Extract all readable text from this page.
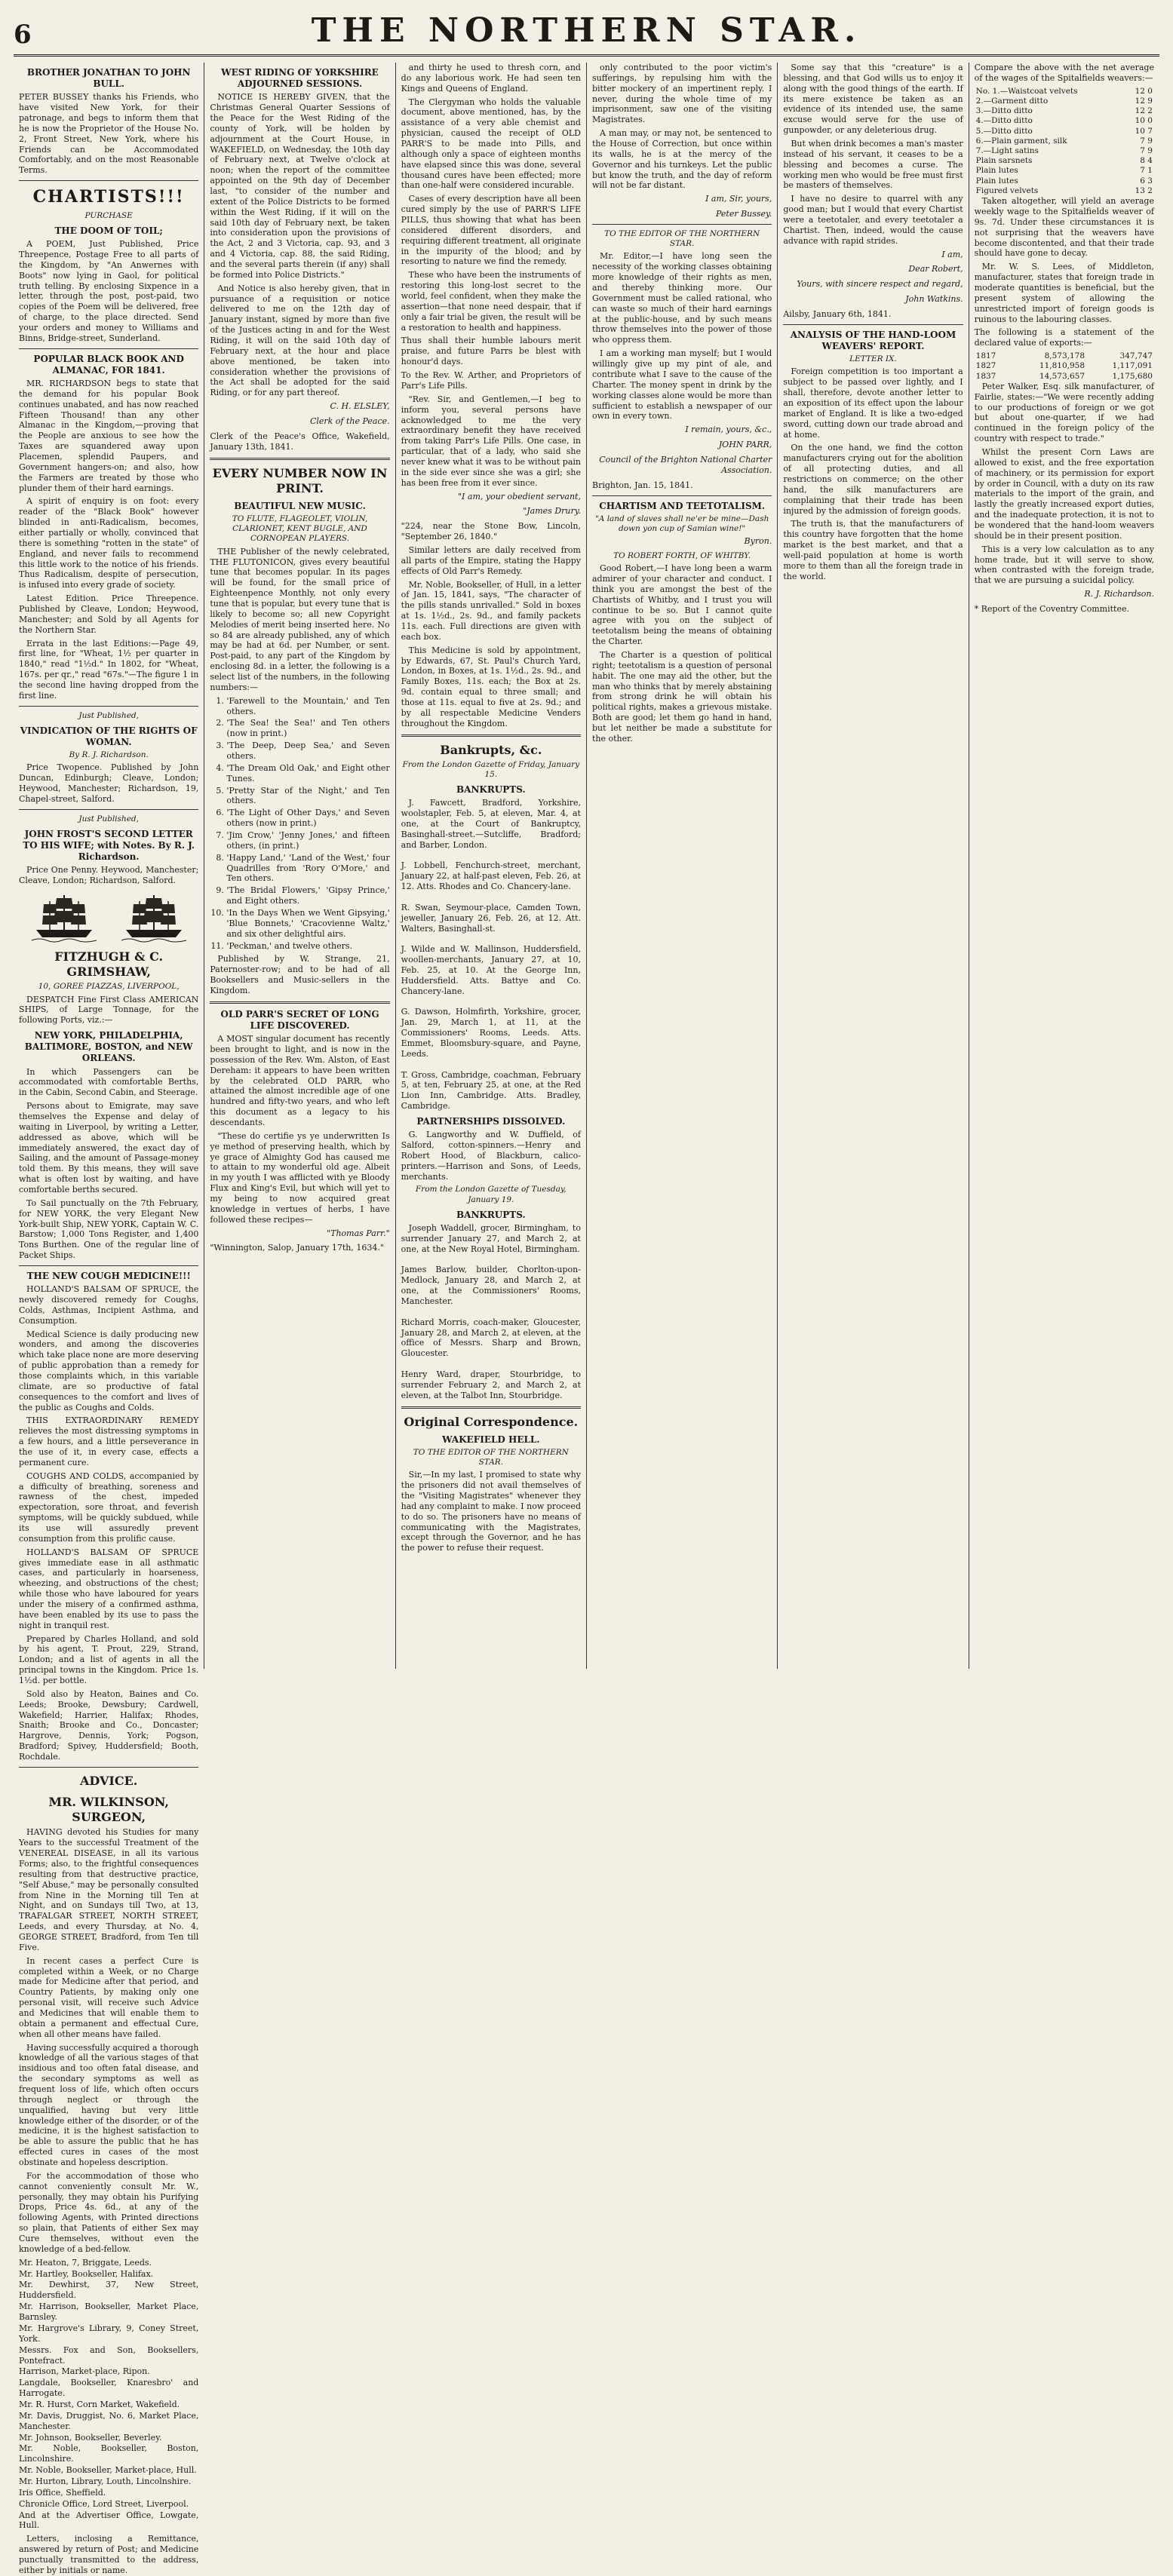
6	THE NORTHERN STAR.
BROTHER JONATHAN TO JOHN BULL.

PETER BUSSEY thanks his Friends, who have visited New York, for their patronage, and begs to inform them that he is now the Proprietor of the House No. 2, Front Street, New York, where his Friends can be Accommodated Comfortably, and on the most Reasonable Terms.

CHARTISTS!!!
PURCHASE
THE DOOM OF TOIL;

A POEM, Just Published, Price Threepence, Postage Free to all parts of the Kingdom, by "An Anwernes with Boots" now lying in Gaol, for political truth telling. By enclosing Sixpence in a letter, through the post, post-paid, two copies of the Poem will be delivered, free of charge, to the place directed. Send your orders and money to Williams and Binns, Bridge-street, Sunderland.

POPULAR BLACK BOOK AND ALMANAC, FOR 1841.

MR. RICHARDSON begs to state that the demand for his popular Book continues unabated, and has now reached Fifteen Thousand! than any other Almanac in the Kingdom,—proving that the People are anxious to see how the Taxes are squandered away upon Placemen, splendid Paupers, and Government hangers-on; and also, how the Farmers are treated by those who plunder them of their hard earnings.

A spirit of enquiry is on foot: every reader of the "Black Book" however blinded in anti-Radicalism, becomes, either partially or wholly, convinced that there is something "rotten in the state" of England, and never fails to recommend this little work to the notice of his friends. Thus Radicalism, despite of persecution, is infused into every grade of society.

Latest Edition. Price Threepence. Published by Cleave, London; Heywood, Manchester; and Sold by all Agents for the Northern Star.

Errata in the last Editions:—Page 49, first line, for "Wheat, 1½ per quarter in 1840," read "1½d." In 1802, for "Wheat, 167s. per qr.," read "67s."—The figure 1 in the second line having dropped from the first line.

Just Published,
VINDICATION OF THE RIGHTS OF WOMAN.
By R. J. Richardson.

Price Twopence. Published by John Duncan, Edinburgh; Cleave, London; Heywood, Manchester; Richardson, 19, Chapel-street, Salford.

Just Published,
JOHN FROST'S SECOND LETTER TO HIS WIFE; with Notes. By R. J. Richardson.

Price One Penny. Heywood, Manchester; Cleave, London; Richardson, Salford.

FITZHUGH & C. GRIMSHAW,
10, GOREE PIAZZAS, LIVERPOOL,

DESPATCH Fine First Class AMERICAN SHIPS, of Large Tonnage, for the following Ports, viz.:—

NEW YORK, PHILADELPHIA, BALTIMORE, BOSTON, and NEW ORLEANS.

In which Passengers can be accommodated with comfortable Berths, in the Cabin, Second Cabin, and Steerage.

Persons about to Emigrate, may save themselves the Expense and delay of waiting in Liverpool, by writing a Letter, addressed as above, which will be immediately answered, the exact day of Sailing, and the amount of Passage-money told them. By this means, they will save what is often lost by waiting, and have comfortable berths secured.

To Sail punctually on the 7th February, for NEW YORK, the very Elegant New York-built Ship, NEW YORK, Captain W. C. Barstow; 1,000 Tons Register, and 1,400 Tons Burthen. One of the regular line of Packet Ships.

THE NEW COUGH MEDICINE!!!

HOLLAND'S BALSAM OF SPRUCE, the newly discovered remedy for Coughs, Colds, Asthmas, Incipient Asthma, and Consumption.

Medical Science is daily producing new wonders, and among the discoveries which take place none are more deserving of public approbation than a remedy for those complaints which, in this variable climate, are so productive of fatal consequences to the comfort and lives of the public as Coughs and Colds.

THIS EXTRAORDINARY REMEDY relieves the most distressing symptoms in a few hours, and a little perseverance in the use of it, in every case, effects a permanent cure.

COUGHS AND COLDS, accompanied by a difficulty of breathing, soreness and rawness of the chest, impeded expectoration, sore throat, and feverish symptoms, will be quickly subdued, while its use will assuredly prevent consumption from this prolific cause.

HOLLAND'S BALSAM OF SPRUCE gives immediate ease in all asthmatic cases, and particularly in hoarseness, wheezing, and obstructions of the chest; while those who have laboured for years under the misery of a confirmed asthma, have been enabled by its use to pass the night in tranquil rest.

Prepared by Charles Holland, and sold by his agent, T. Prout, 229, Strand, London; and a list of agents in all the principal towns in the Kingdom. Price 1s. 1½d. per bottle.

Sold also by Heaton, Baines and Co. Leeds; Brooke, Dewsbury; Cardwell, Wakefield; Harrier, Halifax; Rhodes, Snaith; Brooke and Co., Doncaster; Hargrove, Dennis, York; Pogson, Bradford; Spivey, Huddersfield; Booth, Rochdale.

ADVICE.
MR. WILKINSON, SURGEON,

HAVING devoted his Studies for many Years to the successful Treatment of the VENEREAL DISEASE, in all its various Forms; also, to the frightful consequences resulting from that destructive practice, "Self Abuse," may be personally consulted from Nine in the Morning till Ten at Night, and on Sundays till Two, at 13, TRAFALGAR STREET, NORTH STREET, Leeds, and every Thursday, at No. 4, GEORGE STREET, Bradford, from Ten till Five.

In recent cases a perfect Cure is completed within a Week, or no Charge made for Medicine after that period, and Country Patients, by making only one personal visit, will receive such Advice and Medicines that will enable them to obtain a permanent and effectual Cure, when all other means have failed.

Having successfully acquired a thorough knowledge of all the various stages of that insidious and too often fatal disease, and the secondary symptoms as well as frequent loss of life, which often occurs through neglect or through the unqualified, having but very little knowledge either of the disorder, or of the medicine, it is the highest satisfaction to be able to assure the public that he has effected cures in cases of the most obstinate and hopeless description.

For the accommodation of those who cannot conveniently consult Mr. W., personally, they may obtain his Purifying Drops, Price 4s. 6d., at any of the following Agents, with Printed directions so plain, that Patients of either Sex may Cure themselves, without even the knowledge of a bed-fellow.

Mr. Heaton, 7, Briggate, Leeds.
Mr. Hartley, Bookseller, Halifax.
Mr. Dewhirst, 37, New Street, Huddersfield.
Mr. Harrison, Bookseller, Market Place, Barnsley.
Mr. Hargrove's Library, 9, Coney Street, York.
Messrs. Fox and Son, Booksellers, Pontefract.
Harrison, Market-place, Ripon.
Langdale, Bookseller, Knaresbro' and Harrogate.
Mr. R. Hurst, Corn Market, Wakefield.
Mr. Davis, Druggist, No. 6, Market Place, Manchester.
Mr. Johnson, Bookseller, Beverley.
Mr. Noble, Bookseller, Boston, Lincolnshire.
Mr. Noble, Bookseller, Market-place, Hull.
Mr. Hurton, Library, Louth, Lincolnshire.
Iris Office, Sheffield.
Chronicle Office, Lord Street, Liverpool.
And at the Advertiser Office, Lowgate, Hull.

Letters, inclosing a Remittance, answered by return of Post; and Medicine punctually transmitted to the address, either by initials or name.

WEST RIDING OF YORKSHIRE ADJOURNED SESSIONS.

NOTICE IS HEREBY GIVEN, that the Christmas General Quarter Sessions of the Peace for the West Riding of the county of York, will be holden by adjournment at the Court House, in WAKEFIELD, on Wednesday, the 10th day of February next, at Twelve o'clock at noon; when the report of the committee appointed on the 9th day of December last, "to consider of the number and extent of the Police Districts to be formed within the West Riding, if it will on the said 10th day of February next, be taken into consideration upon the provisions of the Act, 2 and 3 Victoria, cap. 93, and 3 and 4 Victoria, cap. 88, the said Riding, and the several parts therein (if any) shall be formed into Police Districts."

And Notice is also hereby given, that in pursuance of a requisition or notice delivered to me on the 12th day of January instant, signed by more than five of the Justices acting in and for the West Riding, it will on the said 10th day of February next, at the hour and place above mentioned, be taken into consideration whether the provisions of the Act shall be adopted for the said Riding, or for any part thereof.

C. H. ELSLEY,
Clerk of the Peace.

Clerk of the Peace's Office, Wakefield, January 13th, 1841.

EVERY NUMBER NOW IN PRINT.
BEAUTIFUL NEW MUSIC.
TO FLUTE, FLAGEOLET, VIOLIN, CLARIONET, KENT BUGLE, AND CORNOPEAN PLAYERS.

THE Publisher of the newly celebrated, THE FLUTONICON, gives every beautiful tune that becomes popular. In its pages will be found, for the small price of Eighteenpence Monthly, not only every tune that is popular, but every tune that is likely to become so; all new Copyright Melodies of merit being inserted here. No so 84 are already published, any of which may be had at 6d. per Number, or sent. Post-paid, to any part of the Kingdom by enclosing 8d. in a letter, the following is a select list of the numbers, in the following numbers:—

1. 'Farewell to the Mountain,' and Ten others.
2. 'The Sea! the Sea!' and Ten others (now in print.)
3. 'The Deep, Deep Sea,' and Seven others.
4. 'The Dream Old Oak,' and Eight other Tunes.
5. 'Pretty Star of the Night,' and Ten others.
6. 'The Light of Other Days,' and Seven others (now in print.)
7. 'Jim Crow,' 'Jenny Jones,' and fifteen others, (in print.)
8. 'Happy Land,' 'Land of the West,' four Quadrilles from 'Rory O'More,' and Ten others.
9. 'The Bridal Flowers,' 'Gipsy Prince,' and Eight others.
10. 'In the Days When we Went Gipsying,' 'Blue Bonnets,' 'Cracovienne Waltz,' and six other delightful airs.
11. 'Peckman,' and twelve others.

Published by W. Strange, 21, Paternoster-row; and to be had of all Booksellers and Music-sellers in the Kingdom.

OLD PARR'S SECRET OF LONG LIFE DISCOVERED.

A MOST singular document has recently been brought to light, and is now in the possession of the Rev. Wm. Alston, of East Dereham: it appears to have been written by the celebrated OLD PARR, who attained the almost incredible age of one hundred and fifty-two years, and who left this document as a legacy to his descendants.

"These do certifie ys ye underwritten Is ye method of preserving health, which by ye grace of Almighty God has caused me to attain to my wonderful old age. Albeit in my youth I was afflicted with ye Bloody Flux and King's Evil, but which will yet to my being to now acquired great knowledge in vertues of herbs, I have followed these recipes—

"Thomas Parr."

"Winnington, Salop, January 17th, 1634."

and thirty he used to thresh corn, and do any laborious work. He had seen ten Kings and Queens of England.

The Clergyman who holds the valuable document, above mentioned, has, by the assistance of a very able chemist and physician, caused the receipt of OLD PARR'S to be made into Pills, and although only a space of eighteen months have elapsed since this was done, several thousand cures have been effected; more than one-half were considered incurable.

Cases of every description have all been cured simply by the use of PARR'S LIFE PILLS, thus showing that what has been considered different disorders, and requiring different treatment, all originate in the impurity of the blood; and by resorting to nature we find the remedy.

These who have been the instruments of restoring this long-lost secret to the world, feel confident, when they make the assertion—that none need despair, that if only a fair trial be given, the result will be a restoration to health and happiness.

Thus shall their humble labours merit praise, and future Parrs be blest with honour'd days.

To the Rev. W. Arther, and Proprietors of Parr's Life Pills.

"Rev. Sir, and Gentlemen,—I beg to inform you, several persons have acknowledged to me the very extraordinary benefit they have received from taking Parr's Life Pills. One case, in particular, that of a lady, who said she never knew what it was to be without pain in the side ever since she was a girl; she has been free from it ever since.

"I am, your obedient servant,
"James Drury.

"224, near the Stone Bow, Lincoln, "September 26, 1840."

Similar letters are daily received from all parts of the Empire, stating the Happy effects of Old Parr's Remedy.

Mr. Noble, Bookseller, of Hull, in a letter of Jan. 15, 1841, says, "The character of the pills stands unrivalled." Sold in boxes at 1s. 1½d., 2s. 9d., and family packets 11s. each. Full directions are given with each box.

This Medicine is sold by appointment, by Edwards, 67, St. Paul's Church Yard, London, in Boxes, at 1s. 1½d., 2s. 9d., and Family Boxes, 11s. each; the Box at 2s. 9d. contain equal to three small; and those at 11s. equal to five at 2s. 9d.; and by all respectable Medicine Venders throughout the Kingdom.

Bankrupts, &c.
From the London Gazette of Friday, January 15.
BANKRUPTS.

J. Fawcett, Bradford, Yorkshire, woolstapler, Feb. 5, at eleven, Mar. 4, at one, at the Court of Bankruptcy, Basinghall-street.—Sutcliffe, Bradford; and Barber, London.

J. Lobbell, Fenchurch-street, merchant, January 22, at half-past eleven, Feb. 26, at 12. Atts. Rhodes and Co. Chancery-lane.

R. Swan, Seymour-place, Camden Town, jeweller, January 26, Feb. 26, at 12. Att. Walters, Basinghall-st.

J. Wilde and W. Mallinson, Huddersfield, woollen-merchants, January 27, at 10, Feb. 25, at 10. At the George Inn, Huddersfield. Atts. Battye and Co. Chancery-lane.

G. Dawson, Holmfirth, Yorkshire, grocer, Jan. 29, March 1, at 11, at the Commissioners' Rooms, Leeds. Atts. Emmet, Bloomsbury-square, and Payne, Leeds.

T. Gross, Cambridge, coachman, February 5, at ten, February 25, at one, at the Red Lion Inn, Cambridge. Atts. Bradley, Cambridge.

PARTNERSHIPS DISSOLVED.

G. Langworthy and W. Duffield, of Salford, cotton-spinners.—Henry and Robert Hood, of Blackburn, calico-printers.—Harrison and Sons, of Leeds, merchants.

From the London Gazette of Tuesday, January 19.
BANKRUPTS.

Joseph Waddell, grocer, Birmingham, to surrender January 27, and March 2, at one, at the New Royal Hotel, Birmingham.

James Barlow, builder, Chorlton-upon-Medlock, January 28, and March 2, at one, at the Commissioners' Rooms, Manchester.

Richard Morris, coach-maker, Gloucester, January 28, and March 2, at eleven, at the office of Messrs. Sharp and Brown, Gloucester.

Henry Ward, draper, Stourbridge, to surrender February 2, and March 2, at eleven, at the Talbot Inn, Stourbridge.

Original Correspondence.
WAKEFIELD HELL.
TO THE EDITOR OF THE NORTHERN STAR.

Sir,—In my last, I promised to state why the prisoners did not avail themselves of the "Visiting Magistrates" whenever they had any complaint to make. I now proceed to do so. The prisoners have no means of communicating with the Magistrates, except through the Governor, and he has the power to refuse their request.

only contributed to the poor victim's sufferings, by repulsing him with the bitter mockery of an impertinent reply. I never, during the whole time of my imprisonment, saw one of the visiting Magistrates.

A man may, or may not, be sentenced to the House of Correction, but once within its walls, he is at the mercy of the Governor and his turnkeys. Let the public but know the truth, and the day of reform will not be far distant.

I am, Sir, yours,
Peter Bussey.
TO THE EDITOR OF THE NORTHERN STAR.

Mr. Editor,—I have long seen the necessity of the working classes obtaining more knowledge of their rights as men, and thereby thinking more. Our Government must be called rational, who can waste so much of their hard earnings at the public-house, and by such means throw themselves into the power of those who oppress them.

I am a working man myself; but I would willingly give up my pint of ale, and contribute what I save to the cause of the Charter. The money spent in drink by the working classes alone would be more than sufficient to establish a newspaper of our own in every town.

I remain, yours, &c.,
JOHN PARR,
Council of the Brighton National Charter Association.

Brighton, Jan. 15, 1841.

CHARTISM AND TEETOTALISM.
"A land of slaves shall ne'er be mine—Dash down yon cup of Samian wine!"
Byron.
TO ROBERT FORTH, OF WHITBY.

Good Robert,—I have long been a warm admirer of your character and conduct. I think you are amongst the best of the Chartists of Whitby, and I trust you will continue to be so. But I cannot quite agree with you on the subject of teetotalism being the means of obtaining the Charter.

The Charter is a question of political right; teetotalism is a question of personal habit. The one may aid the other, but the man who thinks that by merely abstaining from strong drink he will obtain his political rights, makes a grievous mistake. Both are good; let them go hand in hand, but let neither be made a substitute for the other.

Some say that this "creature" is a blessing, and that God wills us to enjoy it along with the good things of the earth. If its mere existence be taken as an evidence of its intended use, the same excuse would serve for the use of gunpowder, or any deleterious drug.

But when drink becomes a man's master instead of his servant, it ceases to be a blessing and becomes a curse. The working men who would be free must first be masters of themselves.

I have no desire to quarrel with any good man; but I would that every Chartist were a teetotaler, and every teetotaler a Chartist. Then, indeed, would the cause advance with rapid strides.

I am,
Dear Robert,
Yours, with sincere respect and regard,
John Watkins.

Ailsby, January 6th, 1841.

ANALYSIS OF THE HAND-LOOM WEAVERS' REPORT.
LETTER IX.

Foreign competition is too important a subject to be passed over lightly, and I shall, therefore, devote another letter to an exposition of its effect upon the labour market of England. It is like a two-edged sword, cutting down our trade abroad and at home.

On the one hand, we find the cotton manufacturers crying out for the abolition of all protecting duties, and all restrictions on commerce; on the other hand, the silk manufacturers are complaining that their trade has been injured by the admission of foreign goods.

The truth is, that the manufacturers of this country have forgotten that the home market is the best market, and that a well-paid population at home is worth more to them than all the foreign trade in the world.

Compare the above with the net average of the wages of the Spitalfields weavers:—

No. 1.—Waistcoat velvets	12 0
2.—Garment ditto	12 9
3.—Ditto ditto	12 2
4.—Ditto ditto	10 0
5.—Ditto ditto	10 7
6.—Plain garment, silk	7 9
7.—Light satins	7 9
Plain sarsnets	8 4
Plain lutes	7 1
Plain lutes	6 3
Figured velvets	13 2

Taken altogether, will yield an average weekly wage to the Spitalfields weaver of 9s. 7d. Under these circumstances it is not surprising that the weavers have become discontented, and that their trade should have gone to decay.

Mr. W. S. Lees, of Middleton, manufacturer, states that foreign trade in moderate quantities is beneficial, but the present system of allowing the unrestricted import of foreign goods is ruinous to the labouring classes.

The following is a statement of the declared value of exports:—

1817	8,573,178	347,747
1827	11,810,958	1,117,091
1837	14,573,657	1,175,680

Peter Walker, Esq. silk manufacturer, of Fairlie, states:—"We were recently adding to our productions of foreign or we got but about one-quarter, if we had continued in the foreign policy of the country with respect to trade."

Whilst the present Corn Laws are allowed to exist, and the free exportation of machinery, or its permission for export by order in Council, with a duty on its raw materials to the import of the grain, and lastly the greatly increased export duties, and the inadequate protection, it is not to be wondered that the hand-loom weavers should be in their present position.

This is a very low calculation as to any home trade, but it will serve to show, when contrasted with the foreign trade, that we are pursuing a suicidal policy.

R. J. Richardson.

* Report of the Coventry Committee.
